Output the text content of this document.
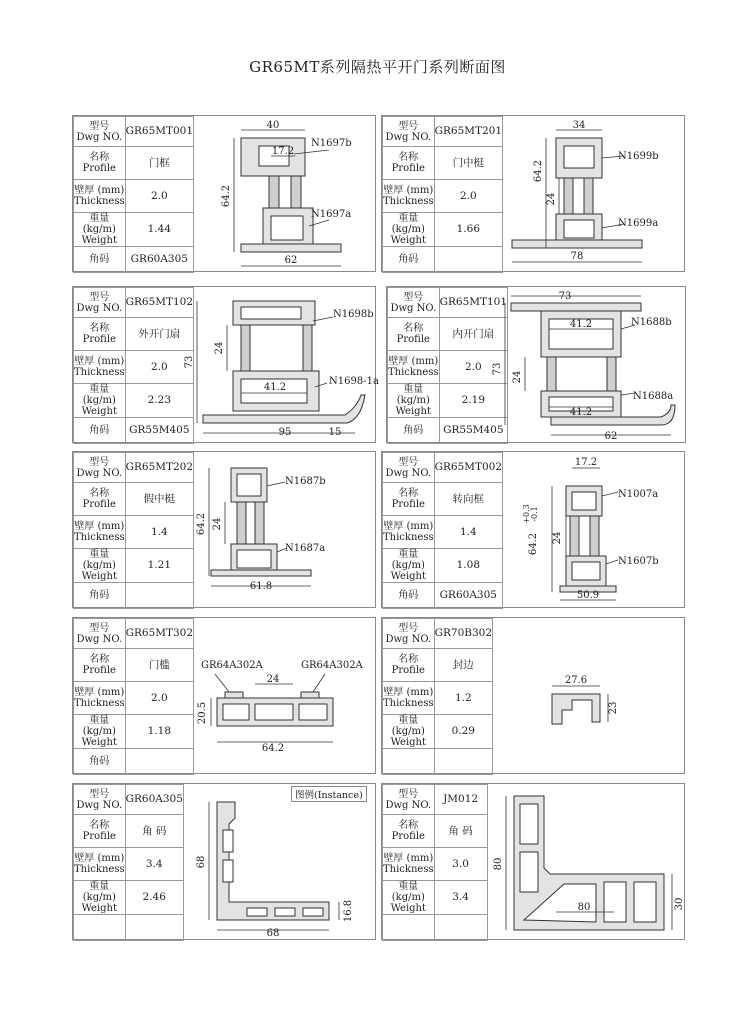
GR65MT系列隔热平开门系列断面图
型号
Dwg NO.	GR65MT001
名称
Profile	门框
壁厚 (mm)
Thickness	2.0
重量 (kg/m)
Weight	1.44
角码	GR60A305
40
17.2
64.2
62
N1697b
N1697a
型号
Dwg NO.	GR65MT201
名称
Profile	门中梃
壁厚 (mm)
Thickness	2.0
重量 (kg/m)
Weight	1.66
角码	
34
64.2
24
78
N1699b
N1699a
型号
Dwg NO.	GR65MT102
名称
Profile	外开门扇
壁厚 (mm)
Thickness	2.0
重量 (kg/m)
Weight	2.23
角码	GR55M405
73
24
41.2
95	15
N1698b
N1698-1a
型号
Dwg NO.	GR65MT101
名称
Profile	内开门扇
壁厚 (mm)
Thickness	2.0
重量 (kg/m)
Weight	2.19
角码	GR55M405
73
41.2
73
24
41.2
62
N1688b
N1688a
型号
Dwg NO.	GR65MT202
名称
Profile	假中梃
壁厚 (mm)
Thickness	1.4
重量 (kg/m)
Weight	1.21
角码	
64.2 24
61.8
N1687b
N1687a
型号
Dwg NO.	GR65MT002
名称
Profile	转向框
壁厚 (mm)
Thickness	1.4
重量 (kg/m)
Weight	1.08
角码	GR60A305
17.2
64.2
+0.3 -0.1
24
50.9
N1007a
N1607b
型号
Dwg NO.	GR65MT302
名称
Profile	门槛
壁厚 (mm)
Thickness	2.0
重量 (kg/m)
Weight	1.18
角码	
GR64A302A	GR64A302A
24
20.5
64.2
型号
Dwg NO.	GR70B302
名称
Profile	封边
壁厚 (mm)
Thickness	1.2
重量 (kg/m)
Weight	0.29

27.6
23
型号
Dwg NO.	GR60A305
名称
Profile	角 码
壁厚 (mm)
Thickness	3.4
重量 (kg/m)
Weight	2.46

图例(Instance)
68
68
16.8
型号
Dwg NO.	JM012
名称
Profile	角 码
壁厚 (mm)
Thickness	3.0
重量 (kg/m)
Weight	3.4

80
80	30
